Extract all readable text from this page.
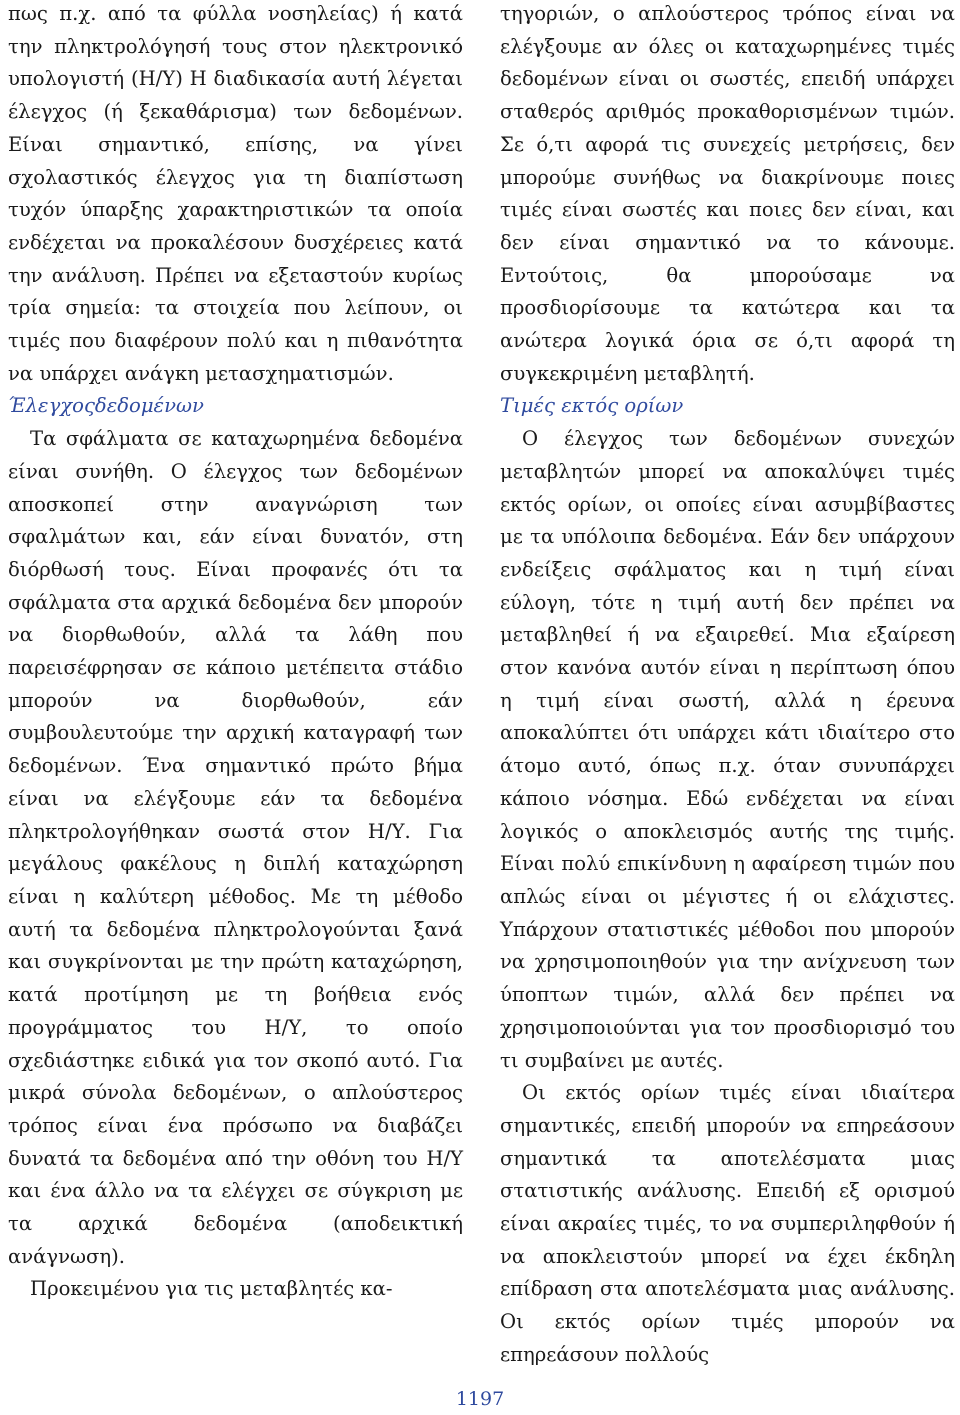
πως π.χ. από τα φύλλα νοσηλείας) ή κατά την πληκτρολόγησή τους στον ηλεκτρονικό υπολογιστή (Η/Υ) Η διαδικασία αυτή λέγεται έλεγχος (ή ξεκαθάρισμα) των δεδομένων. Είναι σημαντικό, επίσης, να γίνει σχολαστικός έλεγχος για τη διαπίστωση τυχόν ύπαρξης χαρακτηριστικών τα οποία ενδέχεται να προκαλέσουν δυσχέρειες κατά την ανάλυση. Πρέπει να εξεταστούν κυρίως τρία σημεία: τα στοιχεία που λείπουν, οι τιμές που διαφέρουν πολύ και η πιθανότητα να υπάρχει ανάγκη μετασχηματισμών.

Έλεγχοςδεδομένων

Τα σφάλματα σε καταχωρημένα δεδομένα είναι συνήθη. Ο έλεγχος των δεδομένων αποσκοπεί στην αναγνώριση των σφαλμάτων και, εάν είναι δυνατόν, στη διόρθωσή τους. Είναι προφανές ότι τα σφάλματα στα αρχικά δεδομένα δεν μπορούν να διορθωθούν, αλλά τα λάθη που παρεισέφρησαν σε κάποιο μετέπειτα στάδιο μπορούν να διορθωθούν, εάν συμβουλευτούμε την αρχική καταγραφή των δεδομένων. Ένα σημαντικό πρώτο βήμα είναι να ελέγξουμε εάν τα δεδομένα πληκτρολογήθηκαν σωστά στον Η/Υ. Για μεγάλους φακέλους η διπλή καταχώρηση είναι η καλύτερη μέθοδος. Με τη μέθοδο αυτή τα δεδομένα πληκτρολογούνται ξανά και συγκρίνονται με την πρώτη καταχώρηση, κατά προτίμηση με τη βοήθεια ενός προγράμματος του Η/Υ, το οποίο σχεδιάστηκε ειδικά για τον σκοπό αυτό. Για μικρά σύνολα δεδομένων, ο απλούστερος τρόπος είναι ένα πρόσωπο να διαβάζει δυνατά τα δεδομένα από την οθόνη του Η/Υ και ένα άλλο να τα ελέγχει σε σύγκριση με τα αρχικά δεδομένα (αποδεικτική ανάγνωση).

Προκειμένου για τις μεταβλητές κα-

τηγοριών, ο απλούστερος τρόπος είναι να ελέγξουμε αν όλες οι καταχωρημένες τιμές δεδομένων είναι οι σωστές, επειδή υπάρχει σταθερός αριθμός προκαθορισμένων τιμών. Σε ό,τι αφορά τις συνεχείς μετρήσεις, δεν μπορούμε συνήθως να διακρίνουμε ποιες τιμές είναι σωστές και ποιες δεν είναι, και δεν είναι σημαντικό να το κάνουμε. Εντούτοις, θα μπορούσαμε να προσδιορίσουμε τα κατώτερα και τα ανώτερα λογικά όρια σε ό,τι αφορά τη συγκεκριμένη μεταβλητή.

Τιμές εκτός ορίων

Ο έλεγχος των δεδομένων συνεχών μεταβλητών μπορεί να αποκαλύψει τιμές εκτός ορίων, οι οποίες είναι ασυμβίβαστες με τα υπόλοιπα δεδομένα. Εάν δεν υπάρχουν ενδείξεις σφάλματος και η τιμή είναι εύλογη, τότε η τιμή αυτή δεν πρέπει να μεταβληθεί ή να εξαιρεθεί. Μια εξαίρεση στον κανόνα αυτόν είναι η περίπτωση όπου η τιμή είναι σωστή, αλλά η έρευνα αποκαλύπτει ότι υπάρχει κάτι ιδιαίτερο στο άτομο αυτό, όπως π.χ. όταν συνυπάρχει κάποιο νόσημα. Εδώ ενδέχεται να είναι λογικός ο αποκλεισμός αυτής της τιμής. Είναι πολύ επικίνδυνη η αφαίρεση τιμών που απλώς είναι οι μέγιστες ή οι ελάχιστες. Υπάρχουν στατιστικές μέθοδοι που μπορούν να χρησιμοποιηθούν για την ανίχνευση των ύποπτων τιμών, αλλά δεν πρέπει να χρησιμοποιούνται για τον προσδιορισμό του τι συμβαίνει με αυτές.

Οι εκτός ορίων τιμές είναι ιδιαίτερα σημαντικές, επειδή μπορούν να επηρεάσουν σημαντικά τα αποτελέσματα μιας στατιστικής ανάλυσης. Επειδή εξ ορισμού είναι ακραίες τιμές, το να συμπεριληφθούν ή να αποκλειστούν μπορεί να έχει έκδηλη επίδραση στα αποτελέσματα μιας ανάλυσης. Οι εκτός ορίων τιμές μπορούν να επηρεάσουν πολλούς

1197
